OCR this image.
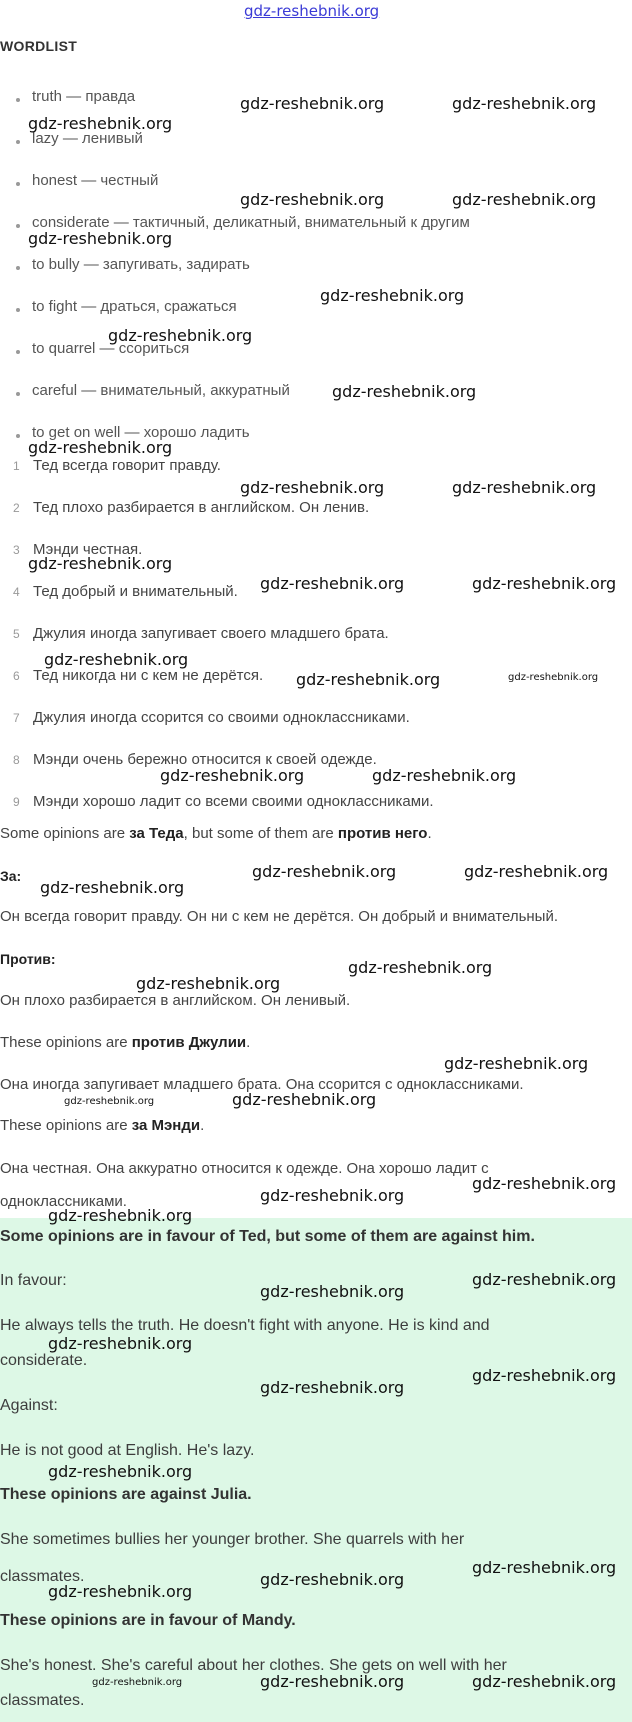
WORDLIST
truth — правда
lazy — ленивый
honest — честный
considerate — тактичный, деликатный, внимательный к другим
to bully — запугивать, задирать
to fight — драться, сражаться
to quarrel — ссориться
careful — внимательный, аккуратный
to get on well — хорошо ладить
1 Тед всегда говорит правду.
2 Тед плохо разбирается в английском. Он ленив.
3 Мэнди честная.
4 Тед добрый и внимательный.
5 Джулия иногда запугивает своего младшего брата.
6 Тед никогда ни с кем не дерётся.
7 Джулия иногда ссорится со своими одноклассниками.
8 Мэнди очень бережно относится к своей одежде.
9 Мэнди хорошо ладит со всеми своими одноклассниками.
Some opinions are за Теда, but some of them are против него.
За:
Он всегда говорит правду. Он ни с кем не дерётся. Он добрый и внимательный.
Против:
Он плохо разбирается в английском. Он ленивый.
These opinions are против Джулии.
Она иногда запугивает младшего брата. Она ссорится с одноклассниками.
These opinions are за Мэнди.
Она честная. Она аккуратно относится к одежде. Она хорошо ладит с
одноклассниками.
Some opinions are in favour of Ted, but some of them are against him.
In favour:
He always tells the truth. He doesn't fight with anyone. He is kind and
considerate.
Against:
He is not good at English. He's lazy.
These opinions are against Julia.
She sometimes bullies her younger brother. She quarrels with her
classmates.
These opinions are in favour of Mandy.
She's honest. She's careful about her clothes. She gets on well with her
classmates.
gdz-reshebnik.org
gdz-reshebnik.org	gdz-reshebnik.org
gdz-reshebnik.org
gdz-reshebnik.org	gdz-reshebnik.org
gdz-reshebnik.org
gdz-reshebnik.org
gdz-reshebnik.org
gdz-reshebnik.org
gdz-reshebnik.org
gdz-reshebnik.org	gdz-reshebnik.org
gdz-reshebnik.org
gdz-reshebnik.org	gdz-reshebnik.org
gdz-reshebnik.org
gdz-reshebnik.org	gdz-reshebnik.org
gdz-reshebnik.org	gdz-reshebnik.org
gdz-reshebnik.org	gdz-reshebnik.org
gdz-reshebnik.org
gdz-reshebnik.org
gdz-reshebnik.org
gdz-reshebnik.org
gdz-reshebnik.org	gdz-reshebnik.org
gdz-reshebnik.org
gdz-reshebnik.org
gdz-reshebnik.org
gdz-reshebnik.org
gdz-reshebnik.org
gdz-reshebnik.org
gdz-reshebnik.org
gdz-reshebnik.org
gdz-reshebnik.org
gdz-reshebnik.org
gdz-reshebnik.org
gdz-reshebnik.org
gdz-reshebnik.org
gdz-reshebnik.org
gdz-reshebnik.org
